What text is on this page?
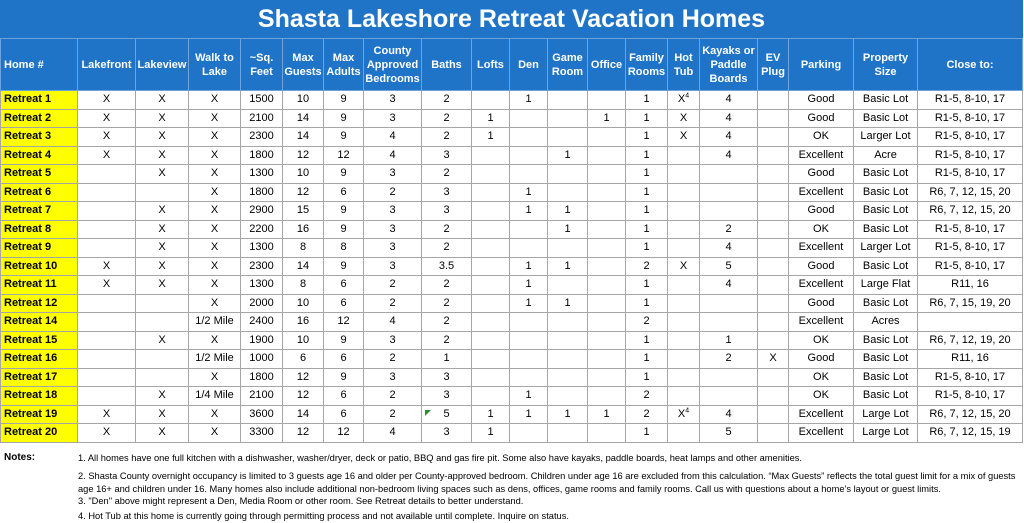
Shasta Lakeshore Retreat Vacation Homes
Home #	Lakefront	Lakeview	Walk to Lake	~Sq. Feet	Max Guests	Max Adults	County Approved Bedrooms	Baths	Lofts	Den	Game Room	Office	Family Rooms	Hot Tub	Kayaks or Paddle Boards	EV Plug	Parking	Property Size	Close to:
Retreat 1	X	X	X	1500	10	9	3	2		1			1	$X^4$	4		Good	Basic Lot	R1-5, 8-10, 17
Retreat 2	X	X	X	2100	14	9	3	2	1			1	1	X	4		Good	Basic Lot	R1-5, 8-10, 17
Retreat 3	X	X	X	2300	14	9	4	2	1				1	X	4		OK	Larger Lot	R1-5, 8-10, 17
Retreat 4	X	X	X	1800	12	12	4	3			1		1		4		Excellent	Acre	R1-5, 8-10, 17
Retreat 5		X	X	1300	10	9	3	2					1				Good	Basic Lot	R1-5, 8-10, 17
Retreat 6			X	1800	12	6	2	3		1			1				Excellent	Basic Lot	R6, 7, 12, 15, 20
Retreat 7		X	X	2900	15	9	3	3		1	1		1				Good	Basic Lot	R6, 7, 12, 15, 20
Retreat 8		X	X	2200	16	9	3	2			1		1		2		OK	Basic Lot	R1-5, 8-10, 17
Retreat 9		X	X	1300	8	8	3	2					1		4		Excellent	Larger Lot	R1-5, 8-10, 17
Retreat 10	X	X	X	2300	14	9	3	3.5		1	1		2	X	5		Good	Basic Lot	R1-5, 8-10, 17
Retreat 11	X	X	X	1300	8	6	2	2		1			1		4		Excellent	Large Flat	R11, 16
Retreat 12			X	2000	10	6	2	2		1	1		1				Good	Basic Lot	R6, 7, 15, 19, 20
Retreat 14			1/2 Mile	2400	16	12	4	2					2				Excellent	Acres	
Retreat 15		X	X	1900	10	9	3	2					1		1		OK	Basic Lot	R6, 7, 12, 19, 20
Retreat 16			1/2 Mile	1000	6	6	2	1					1		2	X	Good	Basic Lot	R11, 16
Retreat 17			X	1800	12	9	3	3					1				OK	Basic Lot	R1-5, 8-10, 17
Retreat 18		X	1/4 Mile	2100	12	6	2	3		1			2				OK	Basic Lot	R1-5, 8-10, 17
Retreat 19	X	X	X	3600	14	6	2	5	1	1	1	1	2	$X^4$	4		Excellent	Large Lot	R6, 7, 12, 15, 20
Retreat 20	X	X	X	3300	12	12	4	3	1				1		5		Excellent	Large Lot	R6, 7, 12, 15, 19
Notes:	1. All homes have one full kitchen with a dishwasher, washer/dryer, deck or patio, BBQ and gas fire pit. Some also have kayaks, paddle boards, heat lamps and other amenities.
2. Shasta County overnight occupancy is limited to 3 guests age 16 and older per County-approved bedroom. Children under age 16 are excluded from this calculation. “Max Guests” reflects the total guest limit for a mix of guests age 16+ and children under 16. Many homes also include additional non-bedroom living spaces such as dens, offices, game rooms and family rooms. Call us with questions about a home’s layout or guest limits.
3. "Den" above might represent a Den, Media Room or other room. See Retreat details to better understand.
4. Hot Tub at this home is currently going through permitting process and not available until complete. Inquire on status.
